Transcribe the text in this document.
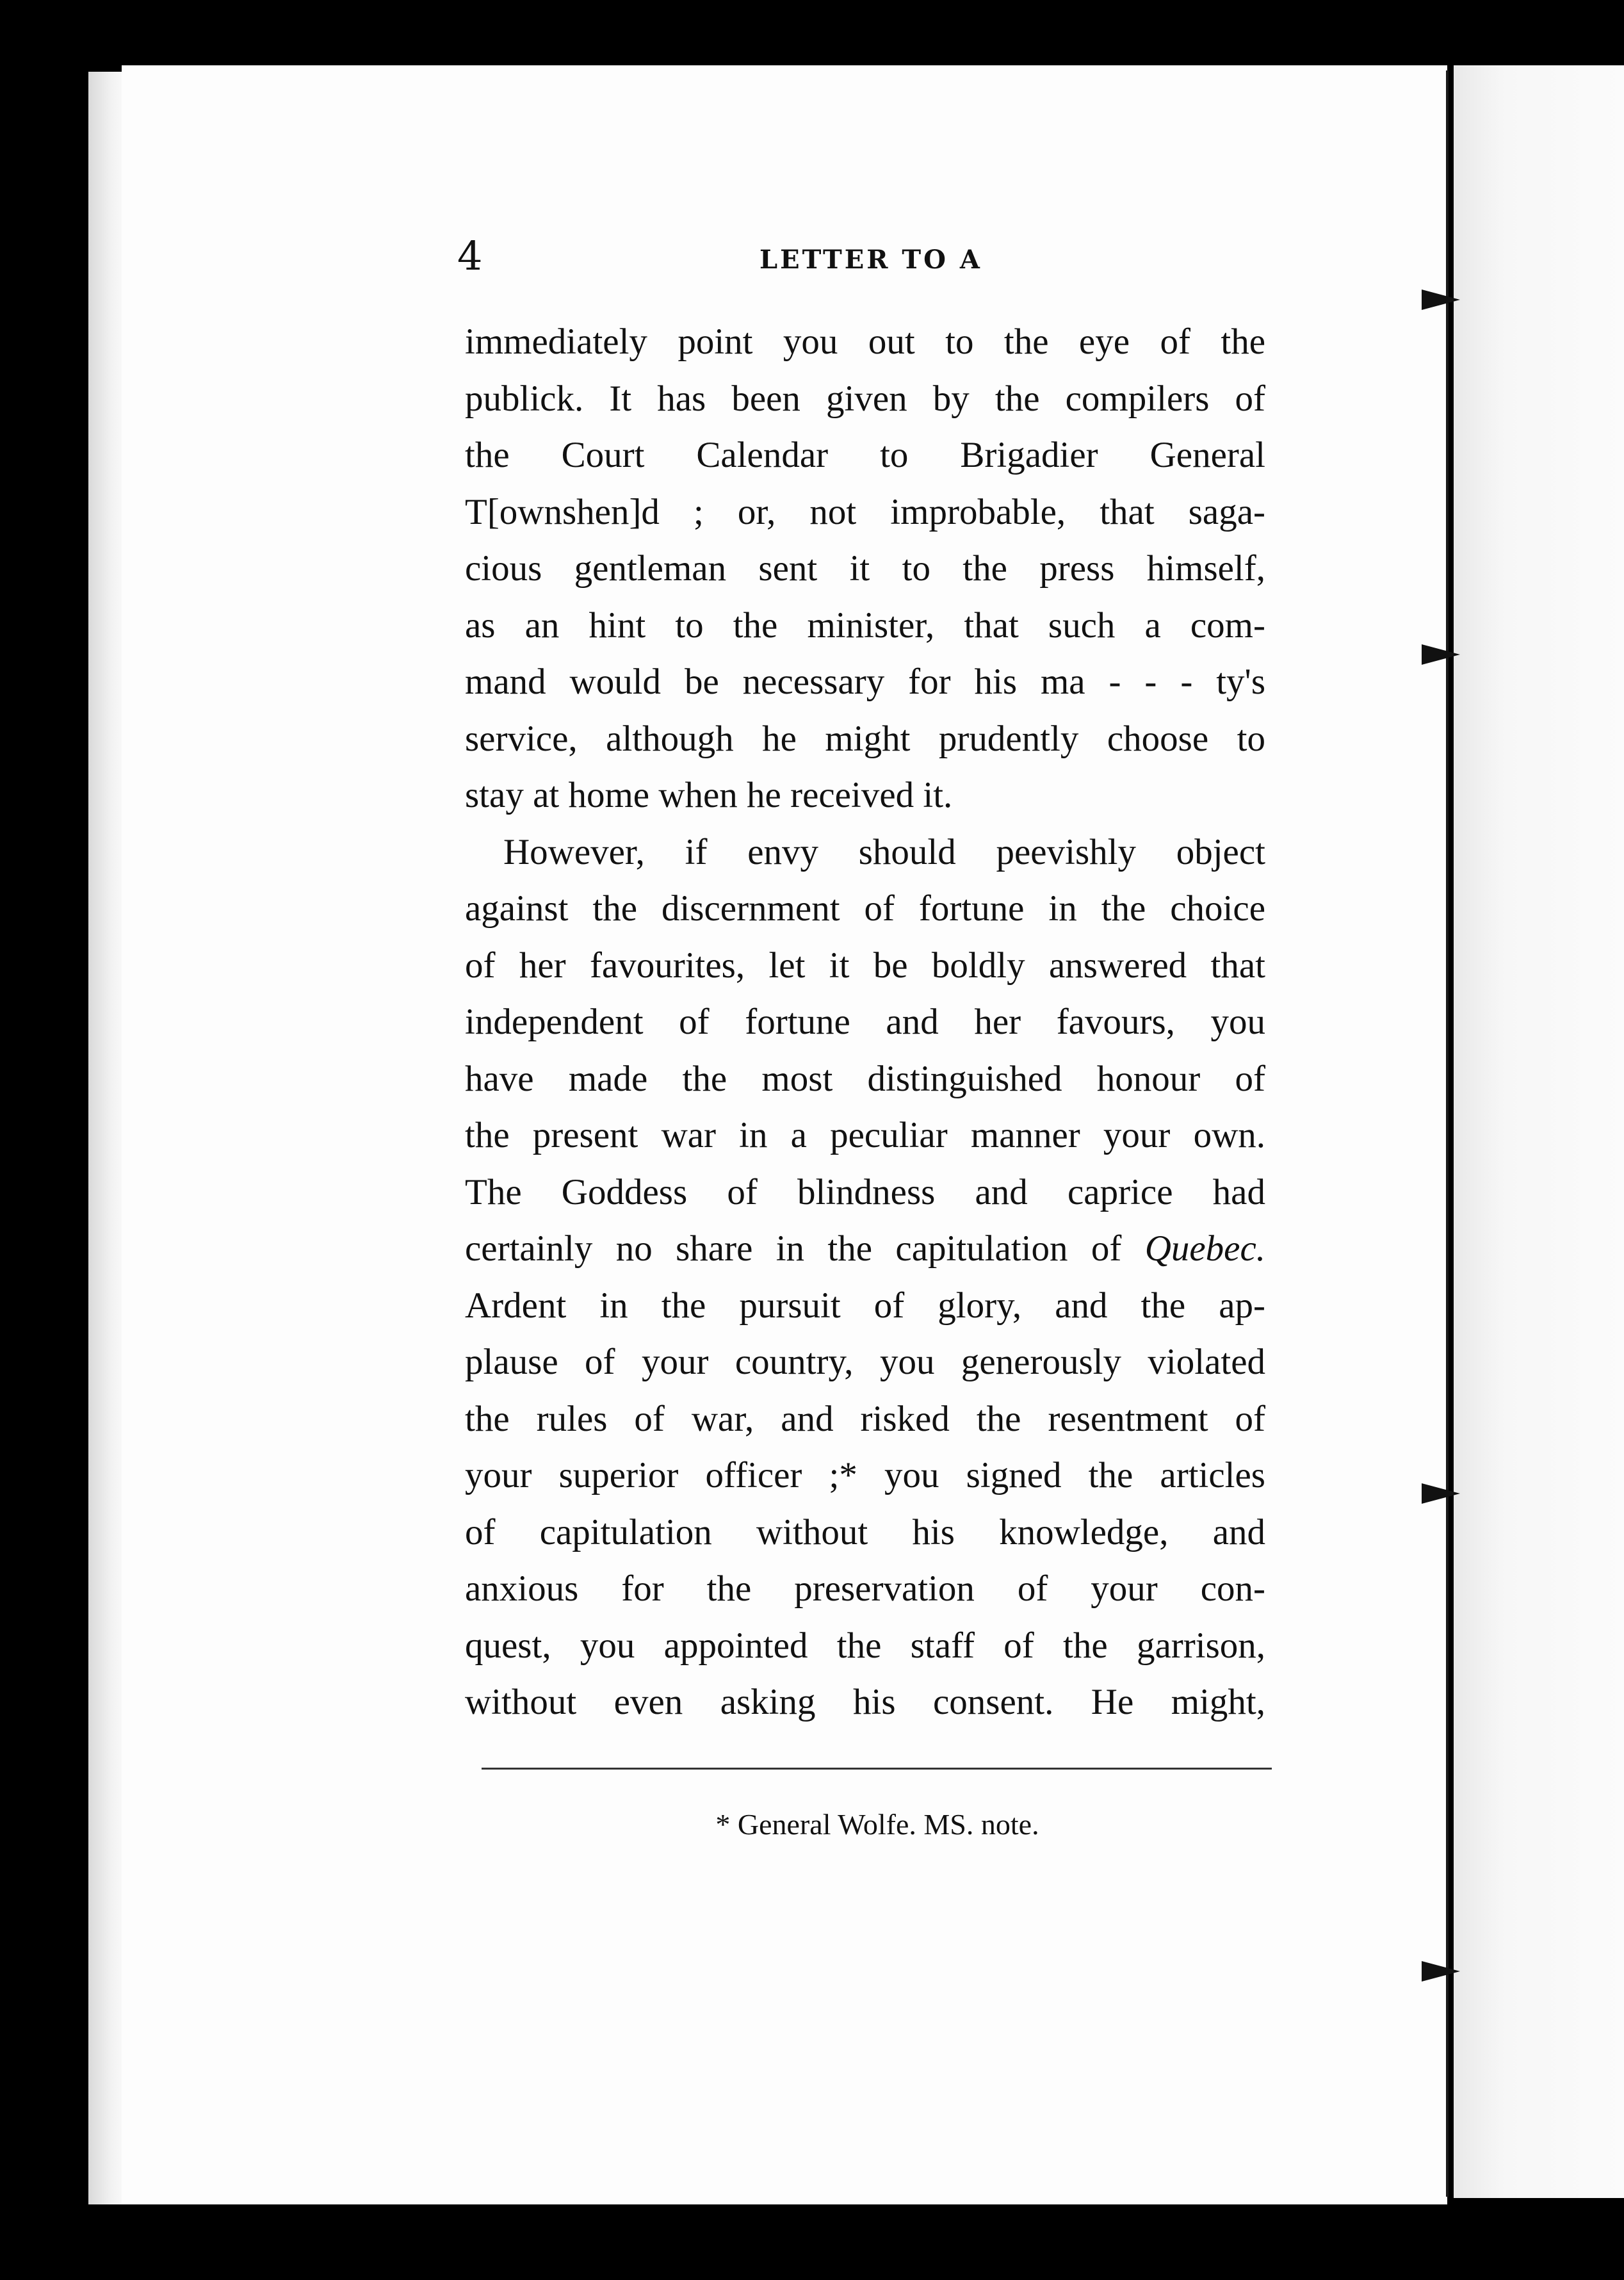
4	LETTER TO A
immediately point you out to the eye of the
publick. It has been given by the compilers of
the Court Calendar to Brigadier General
T[ownshen]d ; or, not improbable, that saga-
cious gentleman sent it to the press himself,
as an hint to the minister, that such a com-
mand would be necessary for his ma - - - ty's
service, although he might prudently choose to
stay at home when he received it.
However, if envy should peevishly object
against the discernment of fortune in the choice
of her favourites, let it be boldly answered that
independent of fortune and her favours, you
have made the most distinguished honour of
the present war in a peculiar manner your own.
The Goddess of blindness and caprice had
certainly no share in the capitulation of Quebec.
Ardent in the pursuit of glory, and the ap-
plause of your country, you generously violated
the rules of war, and risked the resentment of
your superior officer ;* you signed the articles
of capitulation without his knowledge, and
anxious for the preservation of your con-
quest, you appointed the staff of the garrison,
without even asking his consent. He might,
* General Wolfe. MS. note.
